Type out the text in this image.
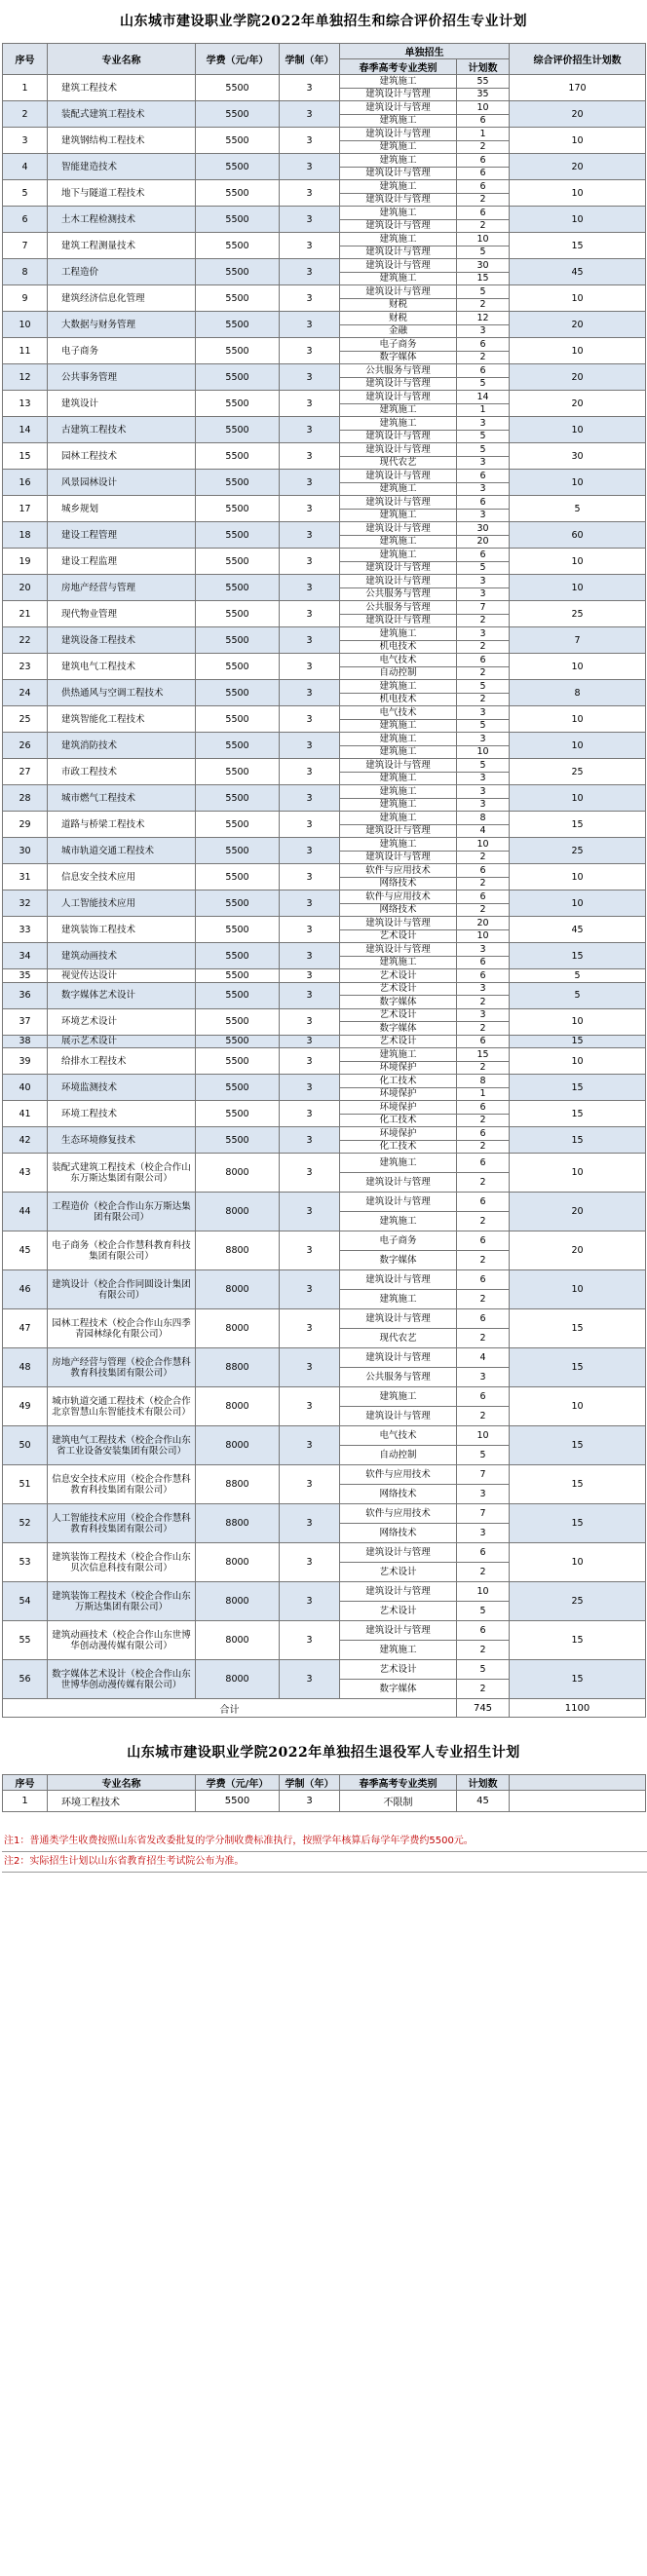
山东城市建设职业学院2022年单独招生和综合评价招生专业计划
序号	专业名称	学费（元/年）	学制（年）	单独招生		综合评价招生计划数
				春季高考专业类别	计划数	
1	建筑工程技术	5500	3	建筑施工	55	170
				建筑设计与管理	35	
2	装配式建筑工程技术	5500	3	建筑设计与管理	10	20
				建筑施工	6	
3	建筑钢结构工程技术	5500	3	建筑设计与管理	1	10
				建筑施工	2	
4	智能建造技术	5500	3	建筑施工	6	20
				建筑设计与管理	6	
5	地下与隧道工程技术	5500	3	建筑施工	6	10
				建筑设计与管理	2	
6	土木工程检测技术	5500	3	建筑施工	6	10
				建筑设计与管理	2	
7	建筑工程测量技术	5500	3	建筑施工	10	15
				建筑设计与管理	5	
8	工程造价	5500	3	建筑设计与管理	30	45
				建筑施工	15	
9	建筑经济信息化管理	5500	3	建筑设计与管理	5	10
				财税	2	
10	大数据与财务管理	5500	3	财税	12	20
				金融	3	
11	电子商务	5500	3	电子商务	6	10
				数字媒体	2	
12	公共事务管理	5500	3	公共服务与管理	6	20
				建筑设计与管理	5	
13	建筑设计	5500	3	建筑设计与管理	14	20
				建筑施工	1	
14	古建筑工程技术	5500	3	建筑施工	3	10
				建筑设计与管理	5	
15	园林工程技术	5500	3	建筑设计与管理	5	30
				现代农艺	3	
16	风景园林设计	5500	3	建筑设计与管理	6	10
				建筑施工	3	
17	城乡规划	5500	3	建筑设计与管理	6	5
				建筑施工	3	
18	建设工程管理	5500	3	建筑设计与管理	30	60
				建筑施工	20	
19	建设工程监理	5500	3	建筑施工	6	10
				建筑设计与管理	5	
20	房地产经营与管理	5500	3	建筑设计与管理	3	10
				公共服务与管理	3	
21	现代物业管理	5500	3	公共服务与管理	7	25
				建筑设计与管理	2	
22	建筑设备工程技术	5500	3	建筑施工	3	7
				机电技术	2	
23	建筑电气工程技术	5500	3	电气技术	6	10
				自动控制	2	
24	供热通风与空调工程技术	5500	3	建筑施工	5	8
				机电技术	2	
25	建筑智能化工程技术	5500	3	电气技术	3	10
				建筑施工	5	
26	建筑消防技术	5500	3	建筑施工	3	10
				建筑施工	10	
27	市政工程技术	5500	3	建筑设计与管理	5	25
				建筑施工	3	
28	城市燃气工程技术	5500	3	建筑施工	3	10
				建筑施工	3	
29	道路与桥梁工程技术	5500	3	建筑施工	8	15
				建筑设计与管理	4	
30	城市轨道交通工程技术	5500	3	建筑施工	10	25
				建筑设计与管理	2	
31	信息安全技术应用	5500	3	软件与应用技术	6	10
				网络技术	2	
32	人工智能技术应用	5500	3	软件与应用技术	6	10
				网络技术	2	
33	建筑装饰工程技术	5500	3	建筑设计与管理	20	45
				艺术设计	10	
34	建筑动画技术	5500	3	建筑设计与管理	3	15
				建筑施工	6	
35	视觉传达设计	5500	3	艺术设计	6	5
36	数字媒体艺术设计	5500	3	艺术设计	3	5
				数字媒体	2	
37	环境艺术设计	5500	3	艺术设计	3	10
				数字媒体	2	
38	展示艺术设计	5500	3	艺术设计	6	15
39	给排水工程技术	5500	3	建筑施工	15	10
				环境保护	2	
40	环境监测技术	5500	3	化工技术	8	15
				环境保护	1	
41	环境工程技术	5500	3	环境保护	6	15
				化工技术	2	
42	生态环境修复技术	5500	3	环境保护	6	15
				化工技术	2	
43	装配式建筑工程技术（校企合作山东万斯达集团有限公司）	8000	3	建筑施工	6	10
				建筑设计与管理	2	
44	工程造价（校企合作山东万斯达集团有限公司）	8000	3	建筑设计与管理	6	20
				建筑施工	2	
45	电子商务（校企合作慧科教育科技集团有限公司）	8800	3	电子商务	6	20
				数字媒体	2	
46	建筑设计（校企合作同圆设计集团有限公司）	8000	3	建筑设计与管理	6	10
				建筑施工	2	
47	园林工程技术（校企合作山东四季青园林绿化有限公司）	8000	3	建筑设计与管理	6	15
				现代农艺	2	
48	房地产经营与管理（校企合作慧科教育科技集团有限公司）	8800	3	建筑设计与管理	4	15
				公共服务与管理	3	
49	城市轨道交通工程技术（校企合作北京智慧山东智能技术有限公司）	8000	3	建筑施工	6	10
				建筑设计与管理	2	
50	建筑电气工程技术（校企合作山东省工业设备安装集团有限公司）	8000	3	电气技术	10	15
				自动控制	5	
51	信息安全技术应用（校企合作慧科教育科技集团有限公司）	8800	3	软件与应用技术	7	15
				网络技术	3	
52	人工智能技术应用（校企合作慧科教育科技集团有限公司）	8800	3	软件与应用技术	7	15
				网络技术	3	
53	建筑装饰工程技术（校企合作山东贝次信息科技有限公司）	8000	3	建筑设计与管理	6	10
				艺术设计	2	
54	建筑装饰工程技术（校企合作山东万斯达集团有限公司）	8000	3	建筑设计与管理	10	25
				艺术设计	5	
55	建筑动画技术（校企合作山东世博华创动漫传媒有限公司）	8000	3	建筑设计与管理	6	15
				建筑施工	2	
56	数字媒体艺术设计（校企合作山东世博华创动漫传媒有限公司）	8000	3	艺术设计	5	15
				数字媒体	2	
合计					745	1100
山东城市建设职业学院2022年单独招生退役军人专业招生计划
序号	专业名称	学费（元/年）	学制（年）	春季高考专业类别	计划数	
1	环境工程技术	5500	3	不限制	45	
注1：普通类学生收费按照山东省发改委批复的学分制收费标准执行，按照学年核算后每学年学费约5500元。
注2：实际招生计划以山东省教育招生考试院公布为准。
